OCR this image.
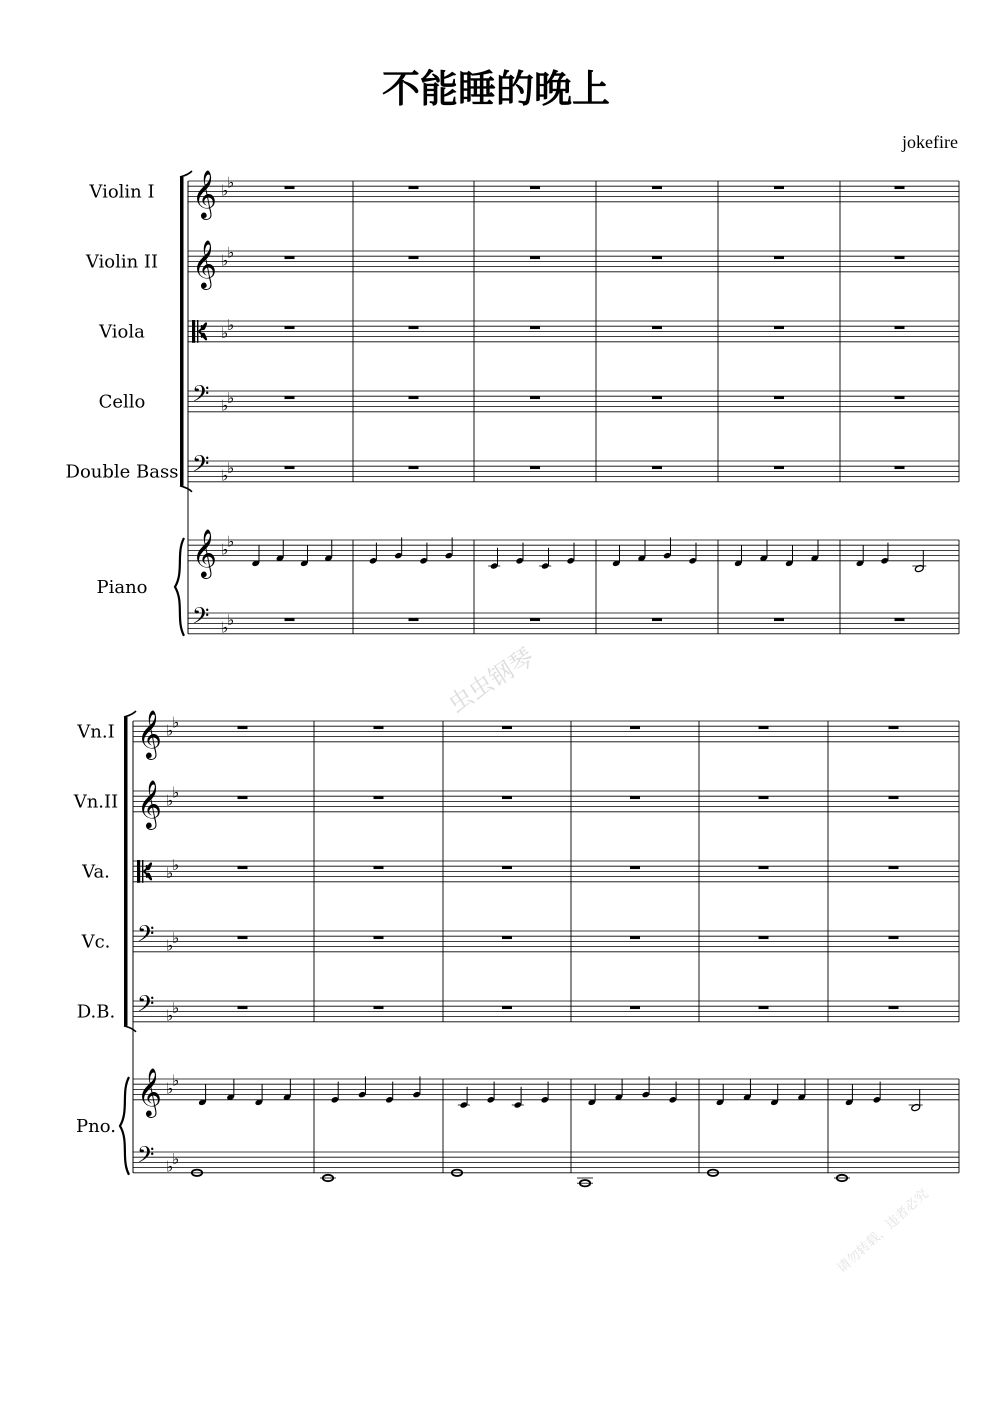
𝄞 ♭
♭
Violin I
𝄞 ♭
♭
Violin II
♭
♭
Viola
𝄢 ♭
♭
Cello
𝄢 ♭
♭
Double Bass
𝄞 ♭
♭
𝄢 ♭
♭
Piano
𝄞 ♭
♭
Vn.I
𝄞 ♭
♭
Vn.II
♭
♭
Va.
𝄢 ♭
♭
Vc.
𝄢 ♭
♭
D.B.
𝄞 ♭
♭
𝄢 ♭
♭
Pno.
不能睡的晚上
jokefire
虫虫钢琴
请勿转载，违者必究
